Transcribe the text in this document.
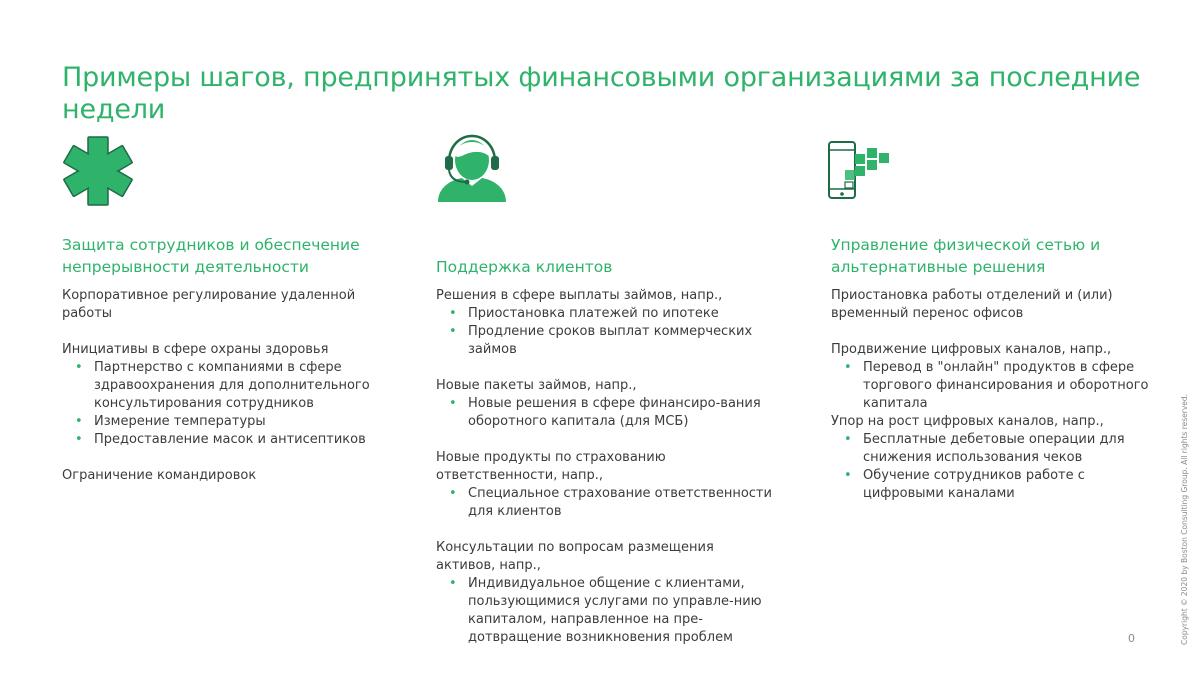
Примеры шагов, предпринятых финансовыми организациями за последние недели
Защита сотрудников и обеспечение непрерывности деятельности
Корпоративное регулирование удаленной работы
Инициативы в сфере охраны здоровья
• Партнерство с компаниями в сфере здравоохранения для дополнительного консультирования сотрудников
• Измерение температуры
• Предоставление масок и антисептиков
Ограничение командировок
Поддержка клиентов
Решения в сфере выплаты займов, напр.,
• Приостановка платежей по ипотеке
• Продление сроков выплат коммерческих займов
Новые пакеты займов, напр.,
• Новые решения в сфере финансиро-вания оборотного капитала (для МСБ)
Новые продукты по страхованию ответственности, напр.,
• Специальное страхование ответственности для клиентов
Консультации по вопросам размещения активов, напр.,
• Индивидуальное общение с клиентами, пользующимися услугами по управле-нию капиталом, направленное на пре-дотвращение возникновения проблем
Управление физической сетью и альтернативные решения
Приостановка работы отделений и (или) временный перенос офисов
Продвижение цифровых каналов, напр.,
• Перевод в "онлайн" продуктов в сфере торгового финансирования и оборотного капитала
Упор на рост цифровых каналов, напр.,
• Бесплатные дебетовые операции для снижения использования чеков
• Обучение сотрудников работе с цифровыми каналами
0	Copyright © 2020 by Boston Consulting Group. All rights reserved.
